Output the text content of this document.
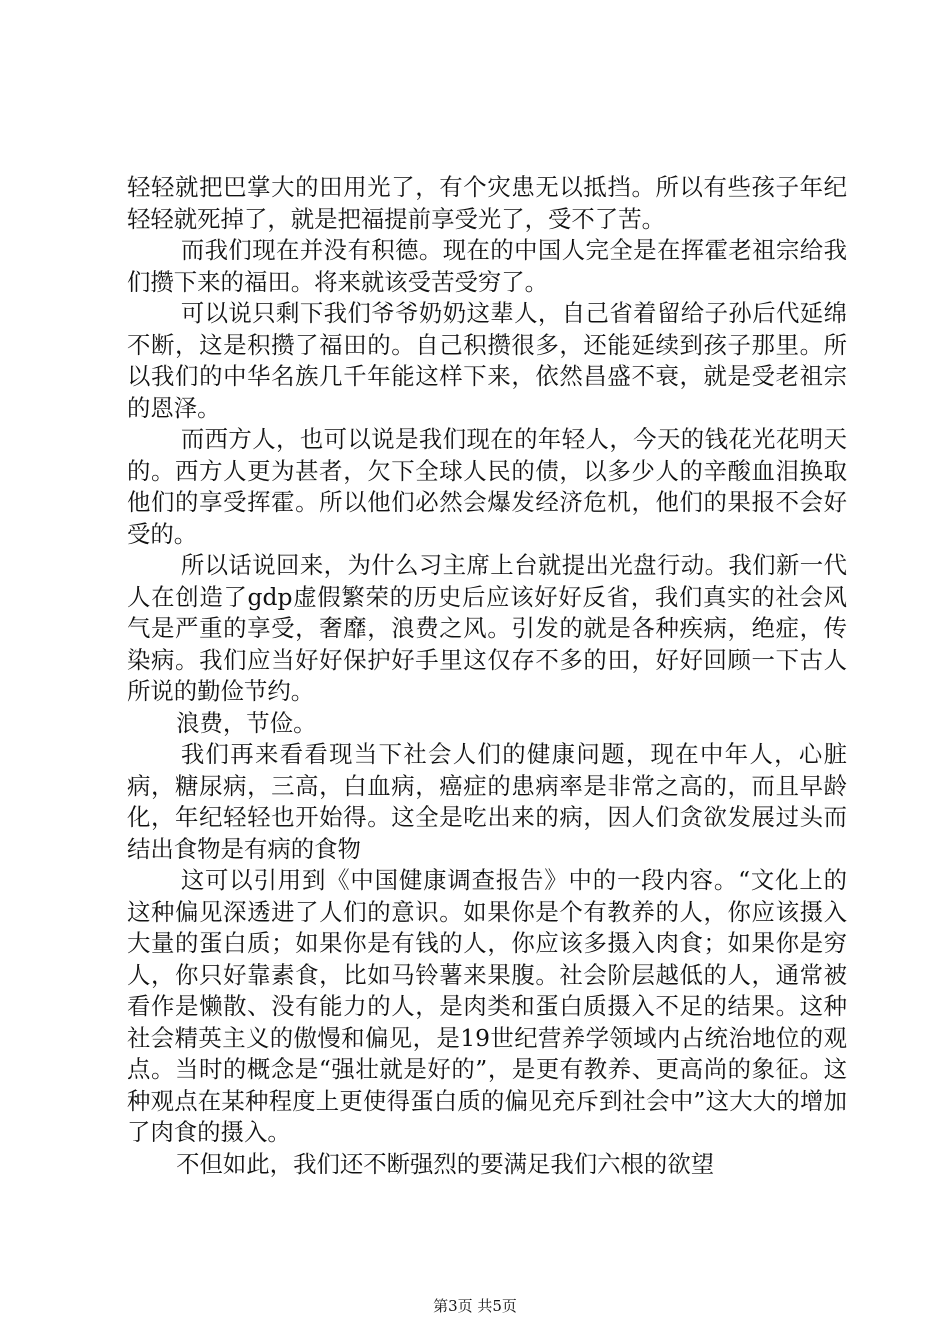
轻轻就把巴掌大的田用光了，有个灾患无以抵挡。所以有些孩子年纪轻轻就死掉了，就是把福提前享受光了，受不了苦。

而我们现在并没有积德。现在的中国人完全是在挥霍老祖宗给我们攒下来的福田。将来就该受苦受穷了。

可以说只剩下我们爷爷奶奶这辈人，自己省着留给子孙后代延绵不断，这是积攒了福田的。自己积攒很多，还能延续到孩子那里。所以我们的中华名族几千年能这样下来，依然昌盛不衰，就是受老祖宗的恩泽。

而西方人，也可以说是我们现在的年轻人，今天的钱花光花明天的。西方人更为甚者，欠下全球人民的债，以多少人的辛酸血泪换取他们的享受挥霍。所以他们必然会爆发经济危机，他们的果报不会好受的。

所以话说回来，为什么习主席上台就提出光盘行动。我们新一代人在创造了gdp虚假繁荣的历史后应该好好反省，我们真实的社会风气是严重的享受，奢靡，浪费之风。引发的就是各种疾病，绝症，传染病。我们应当好好保护好手里这仅存不多的田，好好回顾一下古人所说的勤俭节约。

浪费，节俭。

我们再来看看现当下社会人们的健康问题，现在中年人，心脏病，糖尿病，三高，白血病，癌症的患病率是非常之高的，而且早龄化，年纪轻轻也开始得。这全是吃出来的病，因人们贪欲发展过头而结出食物是有病的食物

这可以引用到《中国健康调查报告》中的一段内容。“文化上的这种偏见深透进了人们的意识。如果你是个有教养的人，你应该摄入大量的蛋白质；如果你是有钱的人，你应该多摄入肉食；如果你是穷人，你只好靠素食，比如马铃薯来果腹。社会阶层越低的人，通常被看作是懒散、没有能力的人，是肉类和蛋白质摄入不足的结果。这种社会精英主义的傲慢和偏见，是19世纪营养学领域内占统治地位的观点。当时的概念是“强壮就是好的”，是更有教养、更高尚的象征。这种观点在某种程度上更使得蛋白质的偏见充斥到社会中”这大大的增加了肉食的摄入。

不但如此，我们还不断强烈的要满足我们六根的欲望

第3页 共5页
